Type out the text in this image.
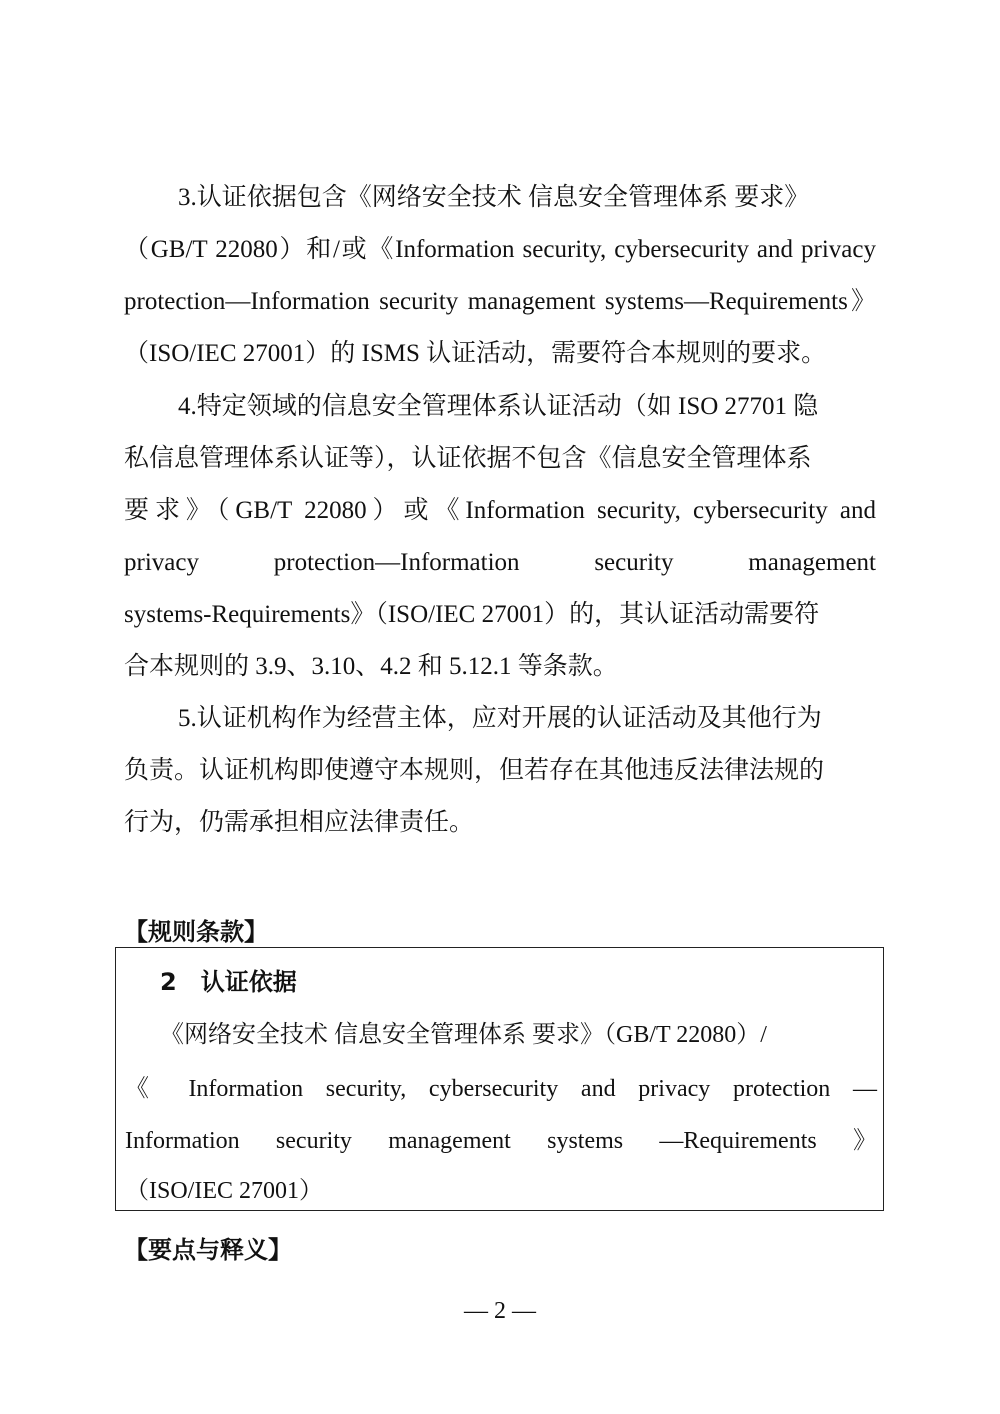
3.认证依据包含《网络安全技术 信息安全管理体系 要求》
（GB/T 22080）和/或《Information security, cybersecurity and privacy
protection—Information security management systems—Requirements》
（ISO/IEC 27001）的 ISMS 认证活动，需要符合本规则的要求。
4.特定领域的信息安全管理体系认证活动（如 ISO 27701 隐
私信息管理体系认证等），认证依据不包含《信息安全管理体系
要求》（GB/T 22080）或《Information security, cybersecurity and
privacy protection—Information security management
systems-Requirements》（ISO/IEC 27001）的，其认证活动需要符
合本规则的 3.9、3.10、4.2 和 5.12.1 等条款。
5.认证机构作为经营主体，应对开展的认证活动及其他行为
负责。认证机构即使遵守本规则，但若存在其他违反法律法规的
行为，仍需承担相应法律责任。
【规则条款】
2　认证依据
《网络安全技术 信息安全管理体系 要求》（GB/T 22080）/
《 Information security, cybersecurity and privacy protection —
Information security management systems —Requirements 》
（ISO/IEC 27001）
【要点与释义】
— 2 —
